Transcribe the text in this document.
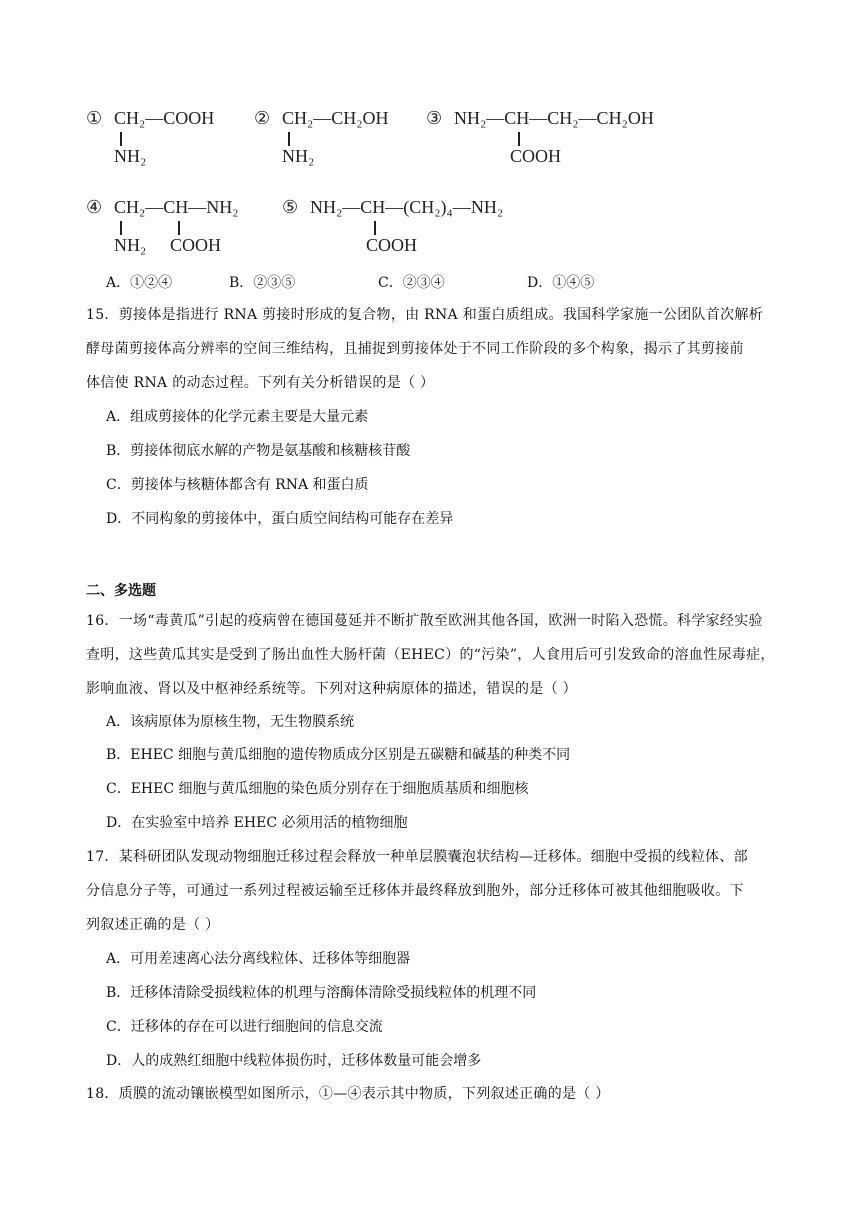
① CH₂—COOH
NH₂
② CH₂—CH₂OH
NH₂
③ NH₂—CH—CH₂—CH₂OH
COOH
④ CH₂—CH—NH₂
NH₂ COOH
⑤ NH₂—CH—(CH₂)₄—NH₂
COOH
A．①②④	B．②③⑤	C．②③④	D．①④⑤
15．剪接体是指进行 RNA 剪接时形成的复合物，由 RNA 和蛋白质组成。我国科学家施一公团队首次解析
酵母菌剪接体高分辨率的空间三维结构，且捕捉到剪接体处于不同工作阶段的多个构象，揭示了其剪接前
体信使 RNA 的动态过程。下列有关分析错误的是（ ）
A．组成剪接体的化学元素主要是大量元素
B．剪接体彻底水解的产物是氨基酸和核糖核苷酸
C．剪接体与核糖体都含有 RNA 和蛋白质
D．不同构象的剪接体中，蛋白质空间结构可能存在差异
二、多选题
16．一场“毒黄瓜”引起的疫病曾在德国蔓延并不断扩散至欧洲其他各国，欧洲一时陷入恐慌。科学家经实验
查明，这些黄瓜其实是受到了肠出血性大肠杆菌（EHEC）的“污染”，人食用后可引发致命的溶血性尿毒症，
影响血液、肾以及中枢神经系统等。下列对这种病原体的描述，错误的是（ ）
A．该病原体为原核生物，无生物膜系统
B．EHEC 细胞与黄瓜细胞的遗传物质成分区别是五碳糖和碱基的种类不同
C．EHEC 细胞与黄瓜细胞的染色质分别存在于细胞质基质和细胞核
D．在实验室中培养 EHEC 必须用活的植物细胞
17．某科研团队发现动物细胞迁移过程会释放一种单层膜囊泡状结构—迁移体。细胞中受损的线粒体、部
分信息分子等，可通过一系列过程被运输至迁移体并最终释放到胞外，部分迁移体可被其他细胞吸收。下
列叙述正确的是（ ）
A．可用差速离心法分离线粒体、迁移体等细胞器
B．迁移体清除受损线粒体的机理与溶酶体清除受损线粒体的机理不同
C．迁移体的存在可以进行细胞间的信息交流
D．人的成熟红细胞中线粒体损伤时，迁移体数量可能会增多
18．质膜的流动镶嵌模型如图所示，①—④表示其中物质，下列叙述正确的是（ ）
